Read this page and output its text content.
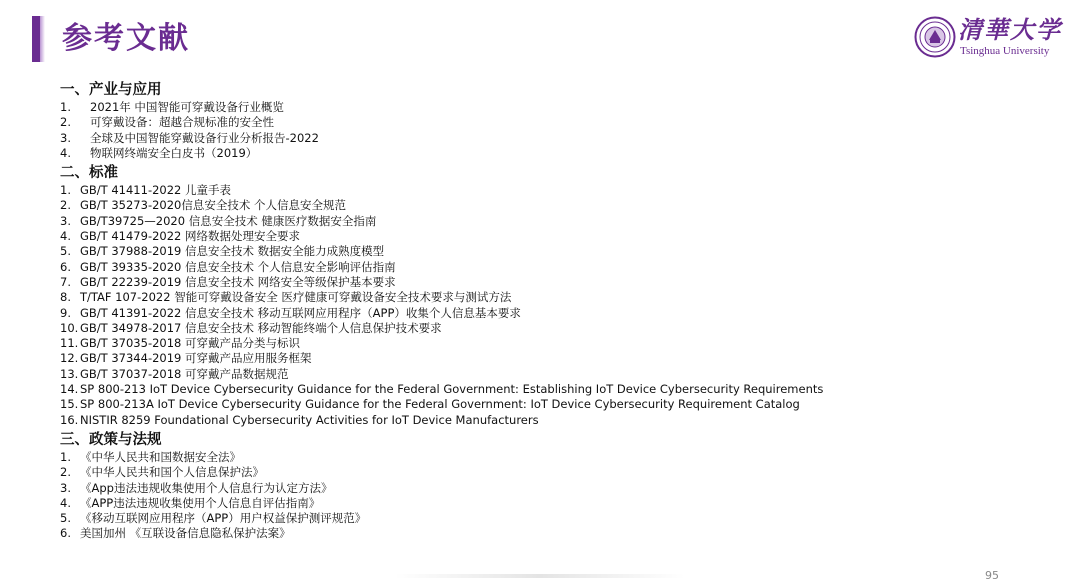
参考文献	清華大学
Tsinghua University
一、产业与应用
1.	2021年 中国智能可穿戴设备行业概览
2.	可穿戴设备：超越合规标准的安全性
3.	全球及中国智能穿戴设备行业分析报告-2022
4.	物联网终端安全白皮书（2019）
二、标准
1. GB/T 41411-2022 儿童手表
2. GB/T 35273-2020信息安全技术 个人信息安全规范
3. GB/T39725—2020 信息安全技术 健康医疗数据安全指南
4. GB/T 41479-2022 网络数据处理安全要求
5. GB/T 37988-2019 信息安全技术 数据安全能力成熟度模型
6. GB/T 39335-2020 信息安全技术 个人信息安全影响评估指南
7. GB/T 22239-2019 信息安全技术 网络安全等级保护基本要求
8. T/TAF 107-2022 智能可穿戴设备安全 医疗健康可穿戴设备安全技术要求与测试方法
9. GB/T 41391-2022 信息安全技术 移动互联网应用程序（APP）收集个人信息基本要求
10. GB/T 34978-2017 信息安全技术 移动智能终端个人信息保护技术要求
11. GB/T 37035-2018 可穿戴产品分类与标识
12. GB/T 37344-2019 可穿戴产品应用服务框架
13. GB/T 37037-2018 可穿戴产品数据规范
14. SP 800-213 IoT Device Cybersecurity Guidance for the Federal Government: Establishing IoT Device Cybersecurity Requirements
15. SP 800-213A IoT Device Cybersecurity Guidance for the Federal Government: IoT Device Cybersecurity Requirement Catalog
16. NISTIR 8259 Foundational Cybersecurity Activities for IoT Device Manufacturers
三、政策与法规
1. 《中华人民共和国数据安全法》
2. 《中华人民共和国个人信息保护法》
3. 《App违法违规收集使用个人信息行为认定方法》
4. 《APP违法违规收集使用个人信息自评估指南》
5. 《移动互联网应用程序（APP）用户权益保护测评规范》
6. 美国加州 《互联设备信息隐私保护法案》
95
